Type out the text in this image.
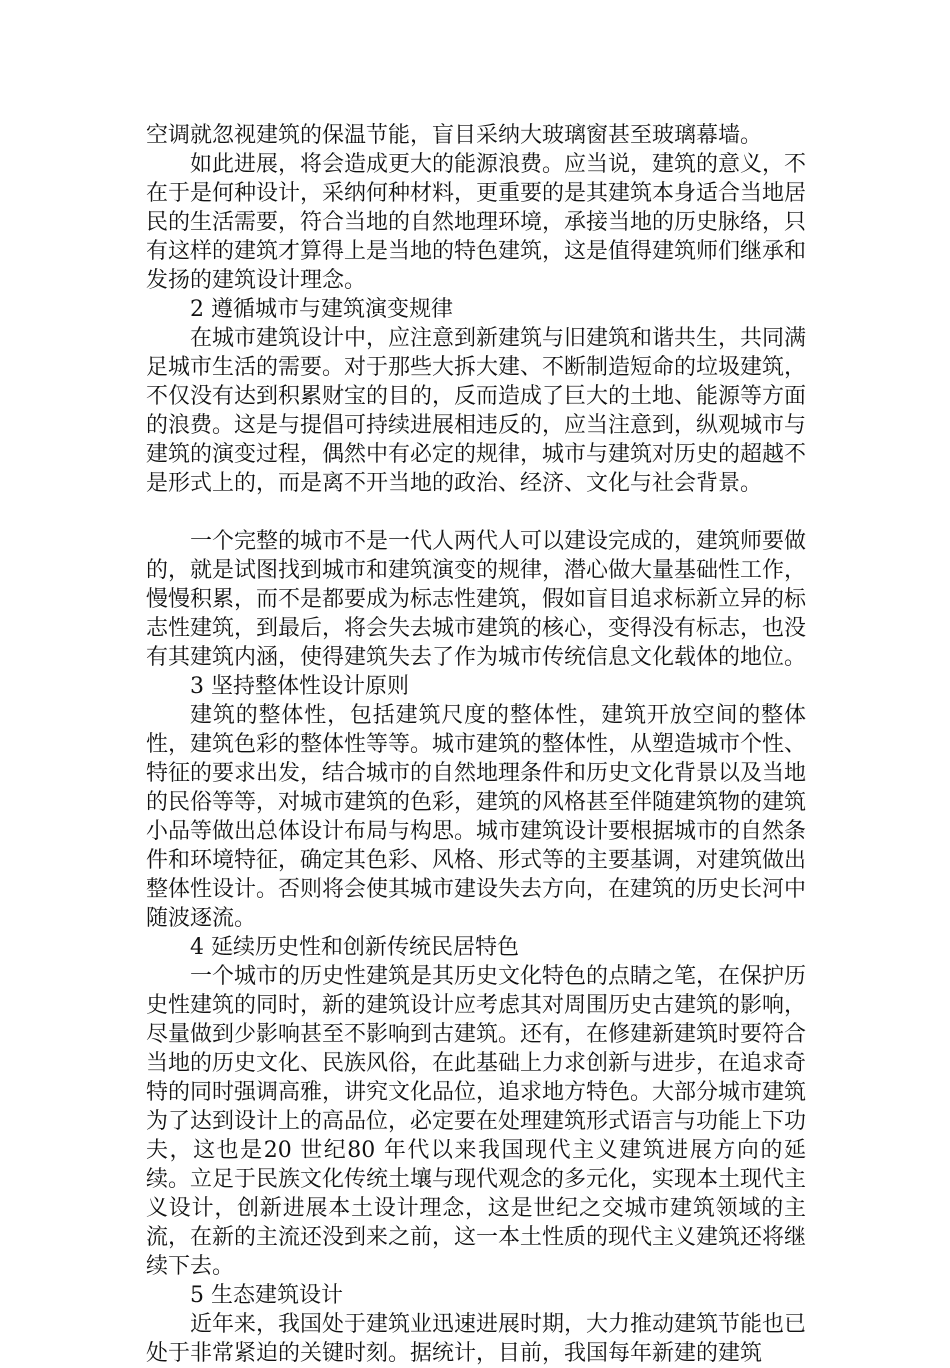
空调就忽视建筑的保温节能，盲目采纳大玻璃窗甚至玻璃幕墙。

如此进展，将会造成更大的能源浪费。应当说，建筑的意义，不在于是何种设计，采纳何种材料，更重要的是其建筑本身适合当地居民的生活需要，符合当地的自然地理环境，承接当地的历史脉络，只有这样的建筑才算得上是当地的特色建筑，这是值得建筑师们继承和发扬的建筑设计理念。

2 遵循城市与建筑演变规律

在城市建筑设计中，应注意到新建筑与旧建筑和谐共生，共同满足城市生活的需要。对于那些大拆大建、不断制造短命的垃圾建筑，不仅没有达到积累财宝的目的，反而造成了巨大的土地、能源等方面的浪费。这是与提倡可持续进展相违反的，应当注意到，纵观城市与建筑的演变过程，偶然中有必定的规律，城市与建筑对历史的超越不是形式上的，而是离不开当地的政治、经济、文化与社会背景。

一个完整的城市不是一代人两代人可以建设完成的，建筑师要做的，就是试图找到城市和建筑演变的规律，潜心做大量基础性工作，慢慢积累，而不是都要成为标志性建筑，假如盲目追求标新立异的标志性建筑，到最后，将会失去城市建筑的核心，变得没有标志，也没有其建筑内涵，使得建筑失去了作为城市传统信息文化载体的地位。

3 坚持整体性设计原则

建筑的整体性，包括建筑尺度的整体性，建筑开放空间的整体性，建筑色彩的整体性等等。城市建筑的整体性，从塑造城市个性、特征的要求出发，结合城市的自然地理条件和历史文化背景以及当地的民俗等等，对城市建筑的色彩，建筑的风格甚至伴随建筑物的建筑小品等做出总体设计布局与构思。城市建筑设计要根据城市的自然条件和环境特征，确定其色彩、风格、形式等的主要基调，对建筑做出整体性设计。否则将会使其城市建设失去方向，在建筑的历史长河中随波逐流。

4 延续历史性和创新传统民居特色

一个城市的历史性建筑是其历史文化特色的点睛之笔，在保护历史性建筑的同时，新的建筑设计应考虑其对周围历史古建筑的影响，尽量做到少影响甚至不影响到古建筑。还有，在修建新建筑时要符合当地的历史文化、民族风俗，在此基础上力求创新与进步，在追求奇特的同时强调高雅，讲究文化品位，追求地方特色。大部分城市建筑为了达到设计上的高品位，必定要在处理建筑形式语言与功能上下功夫，这也是20 世纪80 年代以来我国现代主义建筑进展方向的延续。立足于民族文化传统土壤与现代观念的多元化，实现本土现代主义设计，创新进展本土设计理念，这是世纪之交城市建筑领域的主流，在新的主流还没到来之前，这一本土性质的现代主义建筑还将继续下去。

5 生态建筑设计

近年来，我国处于建筑业迅速进展时期，大力推动建筑节能也已处于非常紧迫的关键时刻。据统计，目前，我国每年新建的建筑
